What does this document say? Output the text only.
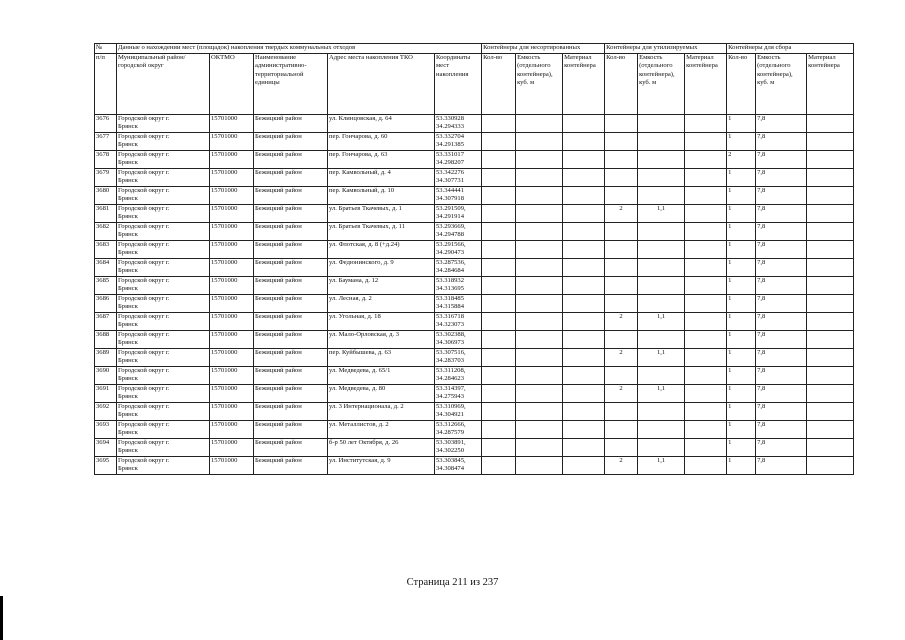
№	Данные о нахождении мест (площадок) накопления твердых коммунальных отходов					Контейнеры для несортированных			Контейнеры для утилизируемых			Контейнеры для сбора		
п/п	Муниципальный район/городской округ	ОКТМО	Наименование административно-территориальной единицы	Адрес места накопления ТКО	Координаты мест накопления	Кол-во	Емкость (отдельного контейнера), куб. м	Материал контейнера	Кол-во	Емкость (отдельного контейнера), куб. м	Материал контейнера	Кол-во	Емкость (отдельного контейнера), куб. м	Материал контейнера
3676	Городской округ г.
Брянск	15701000	Бежицкий район	ул. Клинцовская, д. 64	53.330928
34.294333							1	7,8	
3677	Городской округ г.
Брянск	15701000	Бежицкий район	пер. Гончарова, д. 60	53.332704
34.291385							1	7,8	
3678	Городской округ г.
Брянск	15701000	Бежицкий район	пер. Гончарова, д. 63	53.331017
34.298207							2	7,8	
3679	Городской округ г.
Брянск	15701000	Бежицкий район	пер. Камвольный, д. 4	53.342276
34.307731							1	7,8	
3680	Городской округ г.
Брянск	15701000	Бежицкий район	пер. Камвольный, д. 10	53.344441
34.307918							1	7,8	
3681	Городской округ г.
Брянск	15701000	Бежицкий район	ул. Братьев Ткачевых, д. 1	53.291509,
34.291914				2	1,1		1	7,8	
3682	Городской округ г.
Брянск	15701000	Бежицкий район	ул. Братьев Ткачевых, д. 11	53.293669,
34.294788							1	7,8	
3683	Городской округ г.
Брянск	15701000	Бежицкий район	ул. Флотская, д. 8 (+д.24)	53.291566,
34.290473							1	7,8	
3684	Городской округ г.
Брянск	15701000	Бежицкий район	ул. Федюнинского, д. 9	53.287536,
34.284684							1	7,8	
3685	Городской округ г.
Брянск	15701000	Бежицкий район	ул. Баумана, д. 12	53.318932
34.313695							1	7,8	
3686	Городской округ г.
Брянск	15701000	Бежицкий район	ул. Лесная, д. 2	53.318485
34.315884							1	7,8	
3687	Городской округ г.
Брянск	15701000	Бежицкий район	ул. Угольная, д. 18	53.316718
34.323073				2	1,1		1	7,8	
3688	Городской округ г.
Брянск	15701000	Бежицкий район	ул. Мало-Орловская, д. 3	53.302388,
34.306973							1	7,8	
3689	Городской округ г.
Брянск	15701000	Бежицкий район	пер. Куйбышева, д. 63	53.307516,
34.283703				2	1,1		1	7,8	
3690	Городской округ г.
Брянск	15701000	Бежицкий район	ул. Медведева, д. 65/1	53.311208,
34.284623							1	7,8	
3691	Городской округ г.
Брянск	15701000	Бежицкий район	ул. Медведева, д. 80	53.314397,
34.275943				2	1,1		1	7,8	
3692	Городской округ г.
Брянск	15701000	Бежицкий район	ул. 3 Интернационала, д. 2	53.310969,
34.304921							1	7,8	
3693	Городской округ г.
Брянск	15701000	Бежицкий район	ул. Металлистов, д. 2	53.312666,
34.287579							1	7,8	
3694	Городской округ г.
Брянск	15701000	Бежицкий район	б-р 50 лет Октября, д. 26	53.303891,
34.302250							1	7,8	
3695	Городской округ г.
Брянск	15701000	Бежицкий район	ул. Институтская, д. 9	53.303845,
34.308474				2	1,1		1	7,8	
Страница 211 из 237
